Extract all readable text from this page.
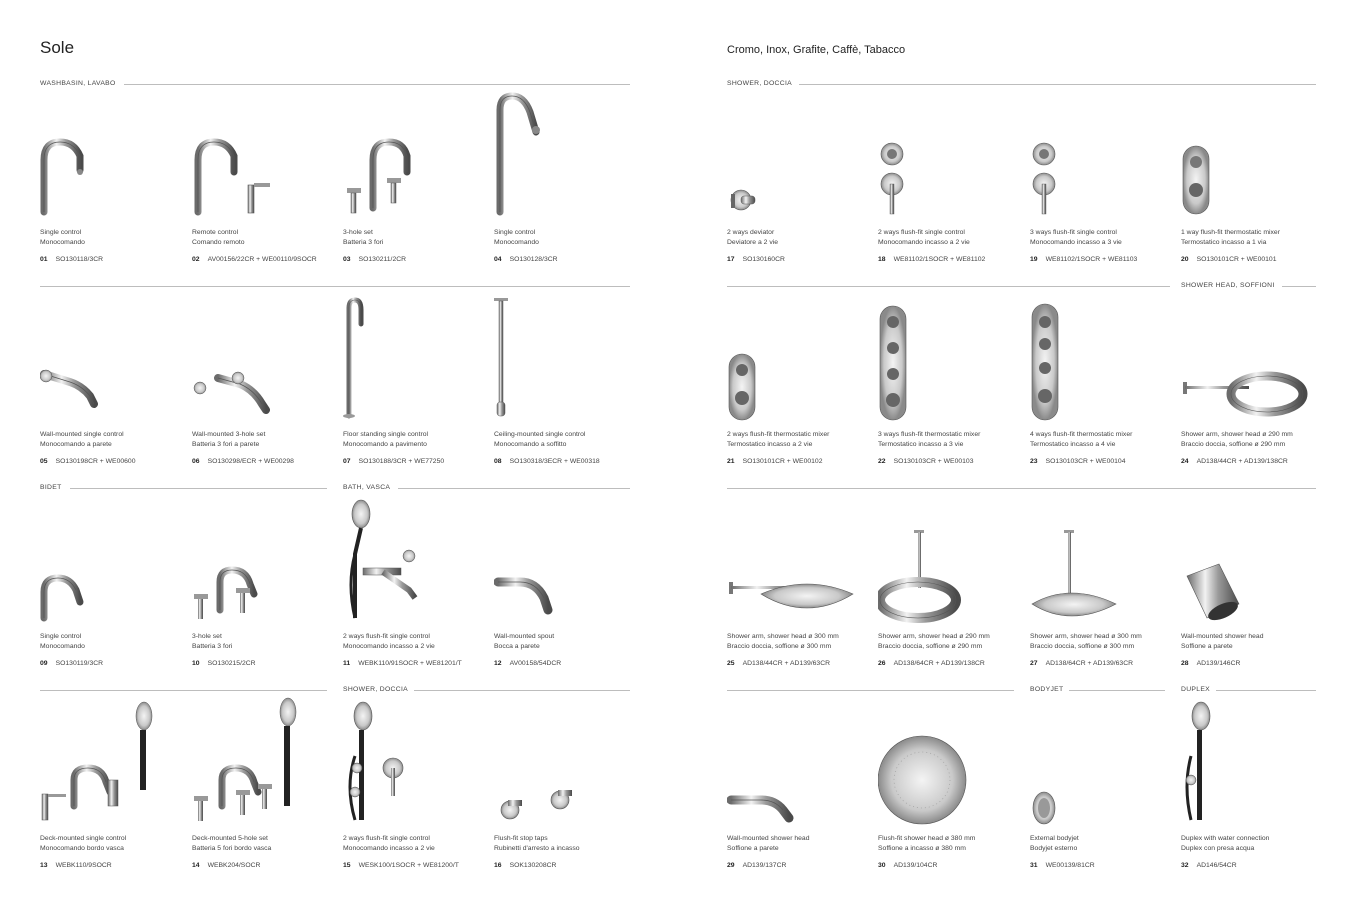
Sole	Cromo, Inox, Grafite, Caffè, Tabacco
WASHBASIN, LAVABO	SHOWER, DOCCIA
SHOWER HEAD, SOFFIONI
BIDET	BATH, VASCA
SHOWER, DOCCIA	BODYJET	DUPLEX
Single control
Monocomando
01 SO130118/3CR
Remote control
Comando remoto
02 AV00156/22CR + WE00110/9SOCR
3-hole set
Batteria 3 fori
03 SO130211/2CR
Single control
Monocomando
04 SO130128/3CR
2 ways deviator
Deviatore a 2 vie
17 SO130160CR
2 ways flush-fit single control
Monocomando incasso a 2 vie
18 WE81102/1SOCR + WE81102
3 ways flush-fit single control
Monocomando incasso a 3 vie
19 WE81102/1SOCR + WE81103
1 way flush-fit thermostatic mixer
Termostatico incasso a 1 via
20 SO130101CR + WE00101
Wall-mounted single control
Monocomando a parete
05 SO130198CR + WE00600
Wall-mounted 3-hole set
Batteria 3 fori a parete
06 SO130298/ECR + WE00298
Floor standing single control
Monocomando a pavimento
07 SO130188/3CR + WE77250
Ceiling-mounted single control
Monocomando a soffitto
08 SO130318/3ECR + WE00318
2 ways flush-fit thermostatic mixer
Termostatico incasso a 2 vie
21 SO130101CR + WE00102
3 ways flush-fit thermostatic mixer
Termostatico incasso a 3 vie
22 SO130103CR + WE00103
4 ways flush-fit thermostatic mixer
Termostatico incasso a 4 vie
23 SO130103CR + WE00104
Shower arm, shower head ø 290 mm
Braccio doccia, soffione ø 290 mm
24 AD138/44CR + AD139/138CR
Single control
Monocomando
09 SO130119/3CR
3-hole set
Batteria 3 fori
10 SO130215/2CR
2 ways flush-fit single control
Monocomando incasso a 2 vie
11 WEBK110/91SOCR + WE81201/T
Wall-mounted spout
Bocca a parete
12 AV00158/54DCR
Shower arm, shower head ø 300 mm
Braccio doccia, soffione ø 300 mm
25 AD138/44CR + AD139/63CR
Shower arm, shower head ø 290 mm
Braccio doccia, soffione ø 290 mm
26 AD138/64CR + AD139/138CR
Shower arm, shower head ø 300 mm
Braccio doccia, soffione ø 300 mm
27 AD138/64CR + AD139/63CR
Wall-mounted shower head
Soffione a parete
28 AD139/146CR
Deck-mounted single control
Monocomando bordo vasca
13 WEBK110/9SOCR
Deck-mounted 5-hole set
Batteria 5 fori bordo vasca
14 WEBK204/SOCR
2 ways flush-fit single control
Monocomando incasso a 2 vie
15 WESK100/1SOCR + WE81200/T
Flush-fit stop taps
Rubinetti d'arresto a incasso
16 SOK130208CR
Wall-mounted shower head
Soffione a parete
29 AD139/137CR
Flush-fit shower head ø 380 mm
Soffione a incasso ø 380 mm
30 AD139/104CR
External bodyjet
Bodyjet esterno
31 WE00139/81CR
Duplex with water connection
Duplex con presa acqua
32 AD146/54CR
